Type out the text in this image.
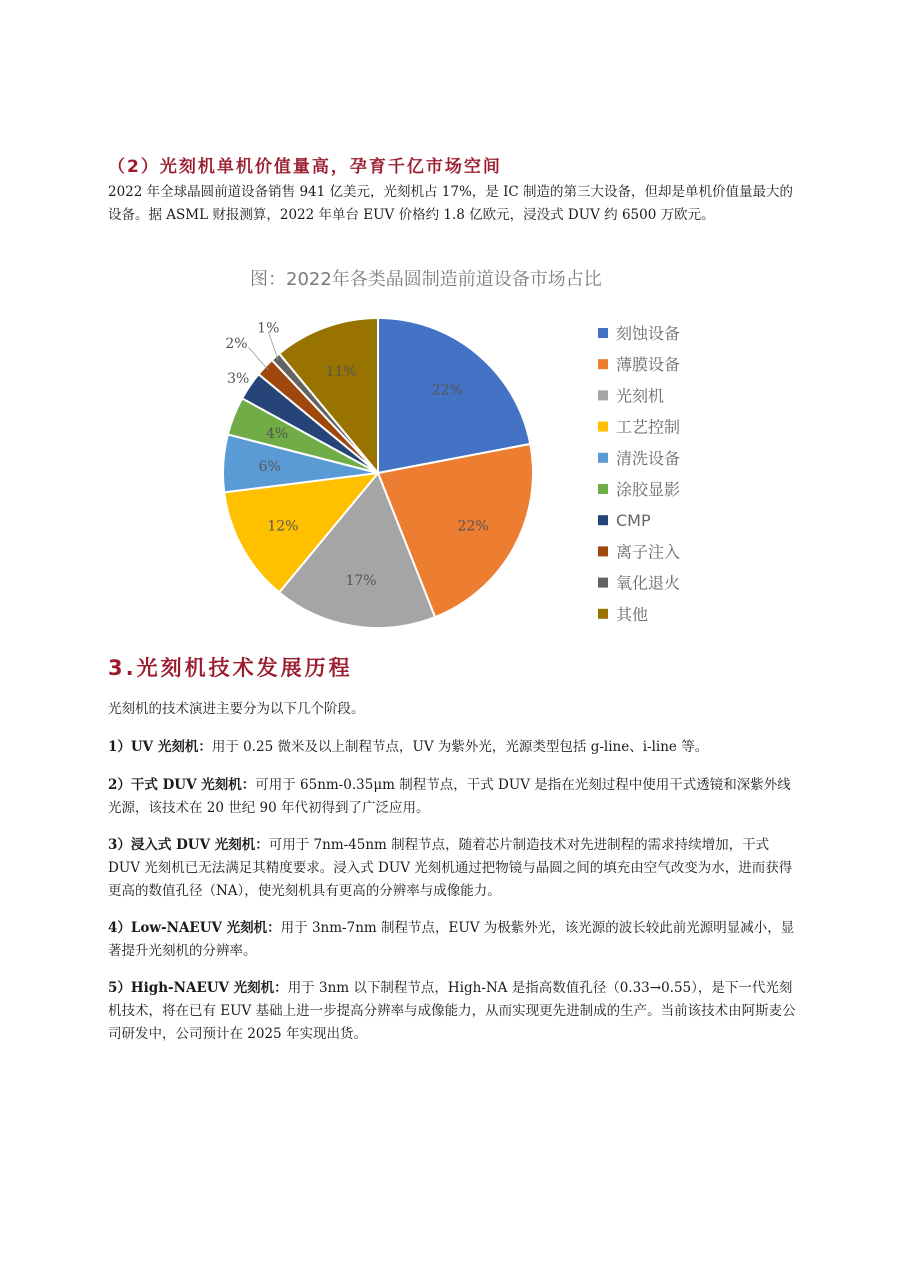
（2）光刻机单机价值量高，孕育千亿市场空间

2022 年全球晶圆前道设备销售 941 亿美元，光刻机占 17%，是 IC 制造的第三大设备，但却是单机价值量最大的设备。据 ASML 财报测算，2022 年单台 EUV 价格约 1.8 亿欧元，浸没式 DUV 约 6500 万欧元。

图：2022年各类晶圆制造前道设备市场占比
22%
22%
17%
12%
6%
4%
3%
2%
1%
11%
刻蚀设备
薄膜设备
光刻机
工艺控制
清洗设备
涂胶显影
CMP
离子注入
氧化退火
其他
3.光刻机技术发展历程

光刻机的技术演进主要分为以下几个阶段。

1）UV 光刻机：用于 0.25 微米及以上制程节点，UV 为紫外光，光源类型包括 g-line、i-line 等。

2）干式 DUV 光刻机：可用于 65nm-0.35μm 制程节点，干式 DUV 是指在光刻过程中使用干式透镜和深紫外线光源，该技术在 20 世纪 90 年代初得到了广泛应用。

3）浸入式 DUV 光刻机：可用于 7nm-45nm 制程节点，随着芯片制造技术对先进制程的需求持续增加，干式 DUV 光刻机已无法满足其精度要求。浸入式 DUV 光刻机通过把物镜与晶圆之间的填充由空气改变为水，进而获得更高的数值孔径（NA），使光刻机具有更高的分辨率与成像能力。

4）Low-NAEUV 光刻机：用于 3nm-7nm 制程节点，EUV 为极紫外光，该光源的波长较此前光源明显减小，显著提升光刻机的分辨率。

5）High-NAEUV 光刻机：用于 3nm 以下制程节点，High-NA 是指高数值孔径（0.33→0.55），是下一代光刻机技术，将在已有 EUV 基础上进一步提高分辨率与成像能力，从而实现更先进制成的生产。当前该技术由阿斯麦公司研发中，公司预计在 2025 年实现出货。
